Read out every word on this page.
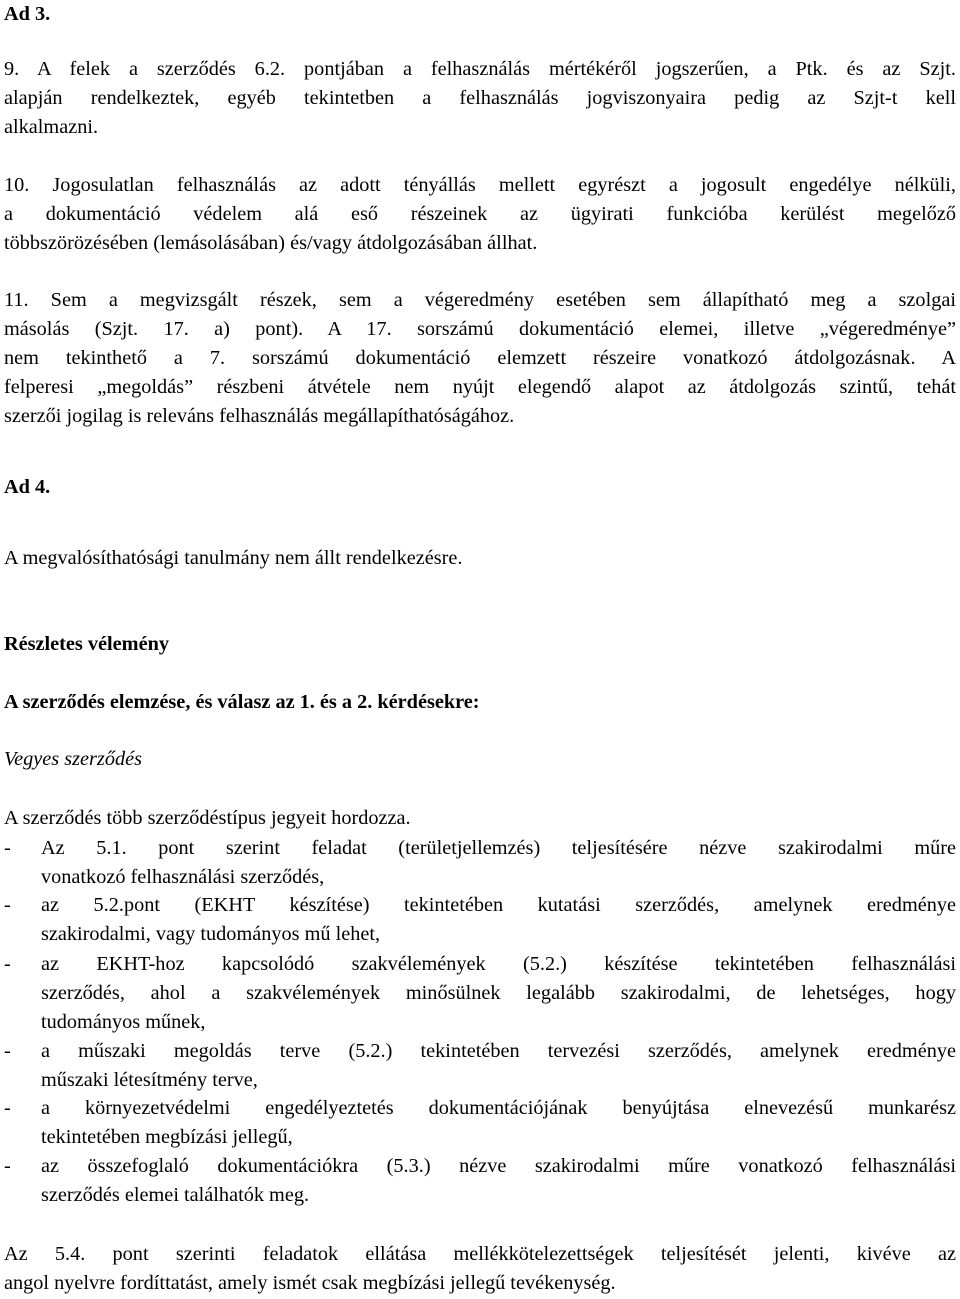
Ad 3.
9. A felek a szerződés 6.2. pontjában a felhasználás mértékéről jogszerűen, a Ptk. és az Szjt.
alapján rendelkeztek, egyéb tekintetben a felhasználás jogviszonyaira pedig az Szjt-t kell
alkalmazni.
10. Jogosulatlan felhasználás az adott tényállás mellett egyrészt a jogosult engedélye nélküli,
a dokumentáció védelem alá eső részeinek az ügyirati funkcióba kerülést megelőző
többszörözésében (lemásolásában) és/vagy átdolgozásában állhat.
11. Sem a megvizsgált részek, sem a végeredmény esetében sem állapítható meg a szolgai
másolás (Szjt. 17. a) pont). A 17. sorszámú dokumentáció elemei, illetve „végeredménye”
nem tekinthető a 7. sorszámú dokumentáció elemzett részeire vonatkozó átdolgozásnak. A
felperesi „megoldás” részbeni átvétele nem nyújt elegendő alapot az átdolgozás szintű, tehát
szerzői jogilag is releváns felhasználás megállapíthatóságához.
Ad 4.
A megvalósíthatósági tanulmány nem állt rendelkezésre.
Részletes vélemény
A szerződés elemzése, és válasz az 1. és a 2. kérdésekre:
Vegyes szerződés
A szerződés több szerződéstípus jegyeit hordozza.
-	Az 5.1. pont szerint feladat (területjellemzés) teljesítésére nézve szakirodalmi műre
vonatkozó felhasználási szerződés,
-	az 5.2.pont (EKHT készítése) tekintetében kutatási szerződés, amelynek eredménye
szakirodalmi, vagy tudományos mű lehet,
-	az EKHT-hoz kapcsolódó szakvélemények (5.2.) készítése tekintetében felhasználási
szerződés, ahol a szakvélemények minősülnek legalább szakirodalmi, de lehetséges, hogy
tudományos műnek,
-	a műszaki megoldás terve (5.2.) tekintetében tervezési szerződés, amelynek eredménye
műszaki létesítmény terve,
-	a környezetvédelmi engedélyeztetés dokumentációjának benyújtása elnevezésű munkarész
tekintetében megbízási jellegű,
-	az összefoglaló dokumentációkra (5.3.) nézve szakirodalmi műre vonatkozó felhasználási
szerződés elemei találhatók meg.
Az 5.4. pont szerinti feladatok ellátása mellékkötelezettségek teljesítését jelenti, kivéve az
angol nyelvre fordíttatást, amely ismét csak megbízási jellegű tevékenység.
